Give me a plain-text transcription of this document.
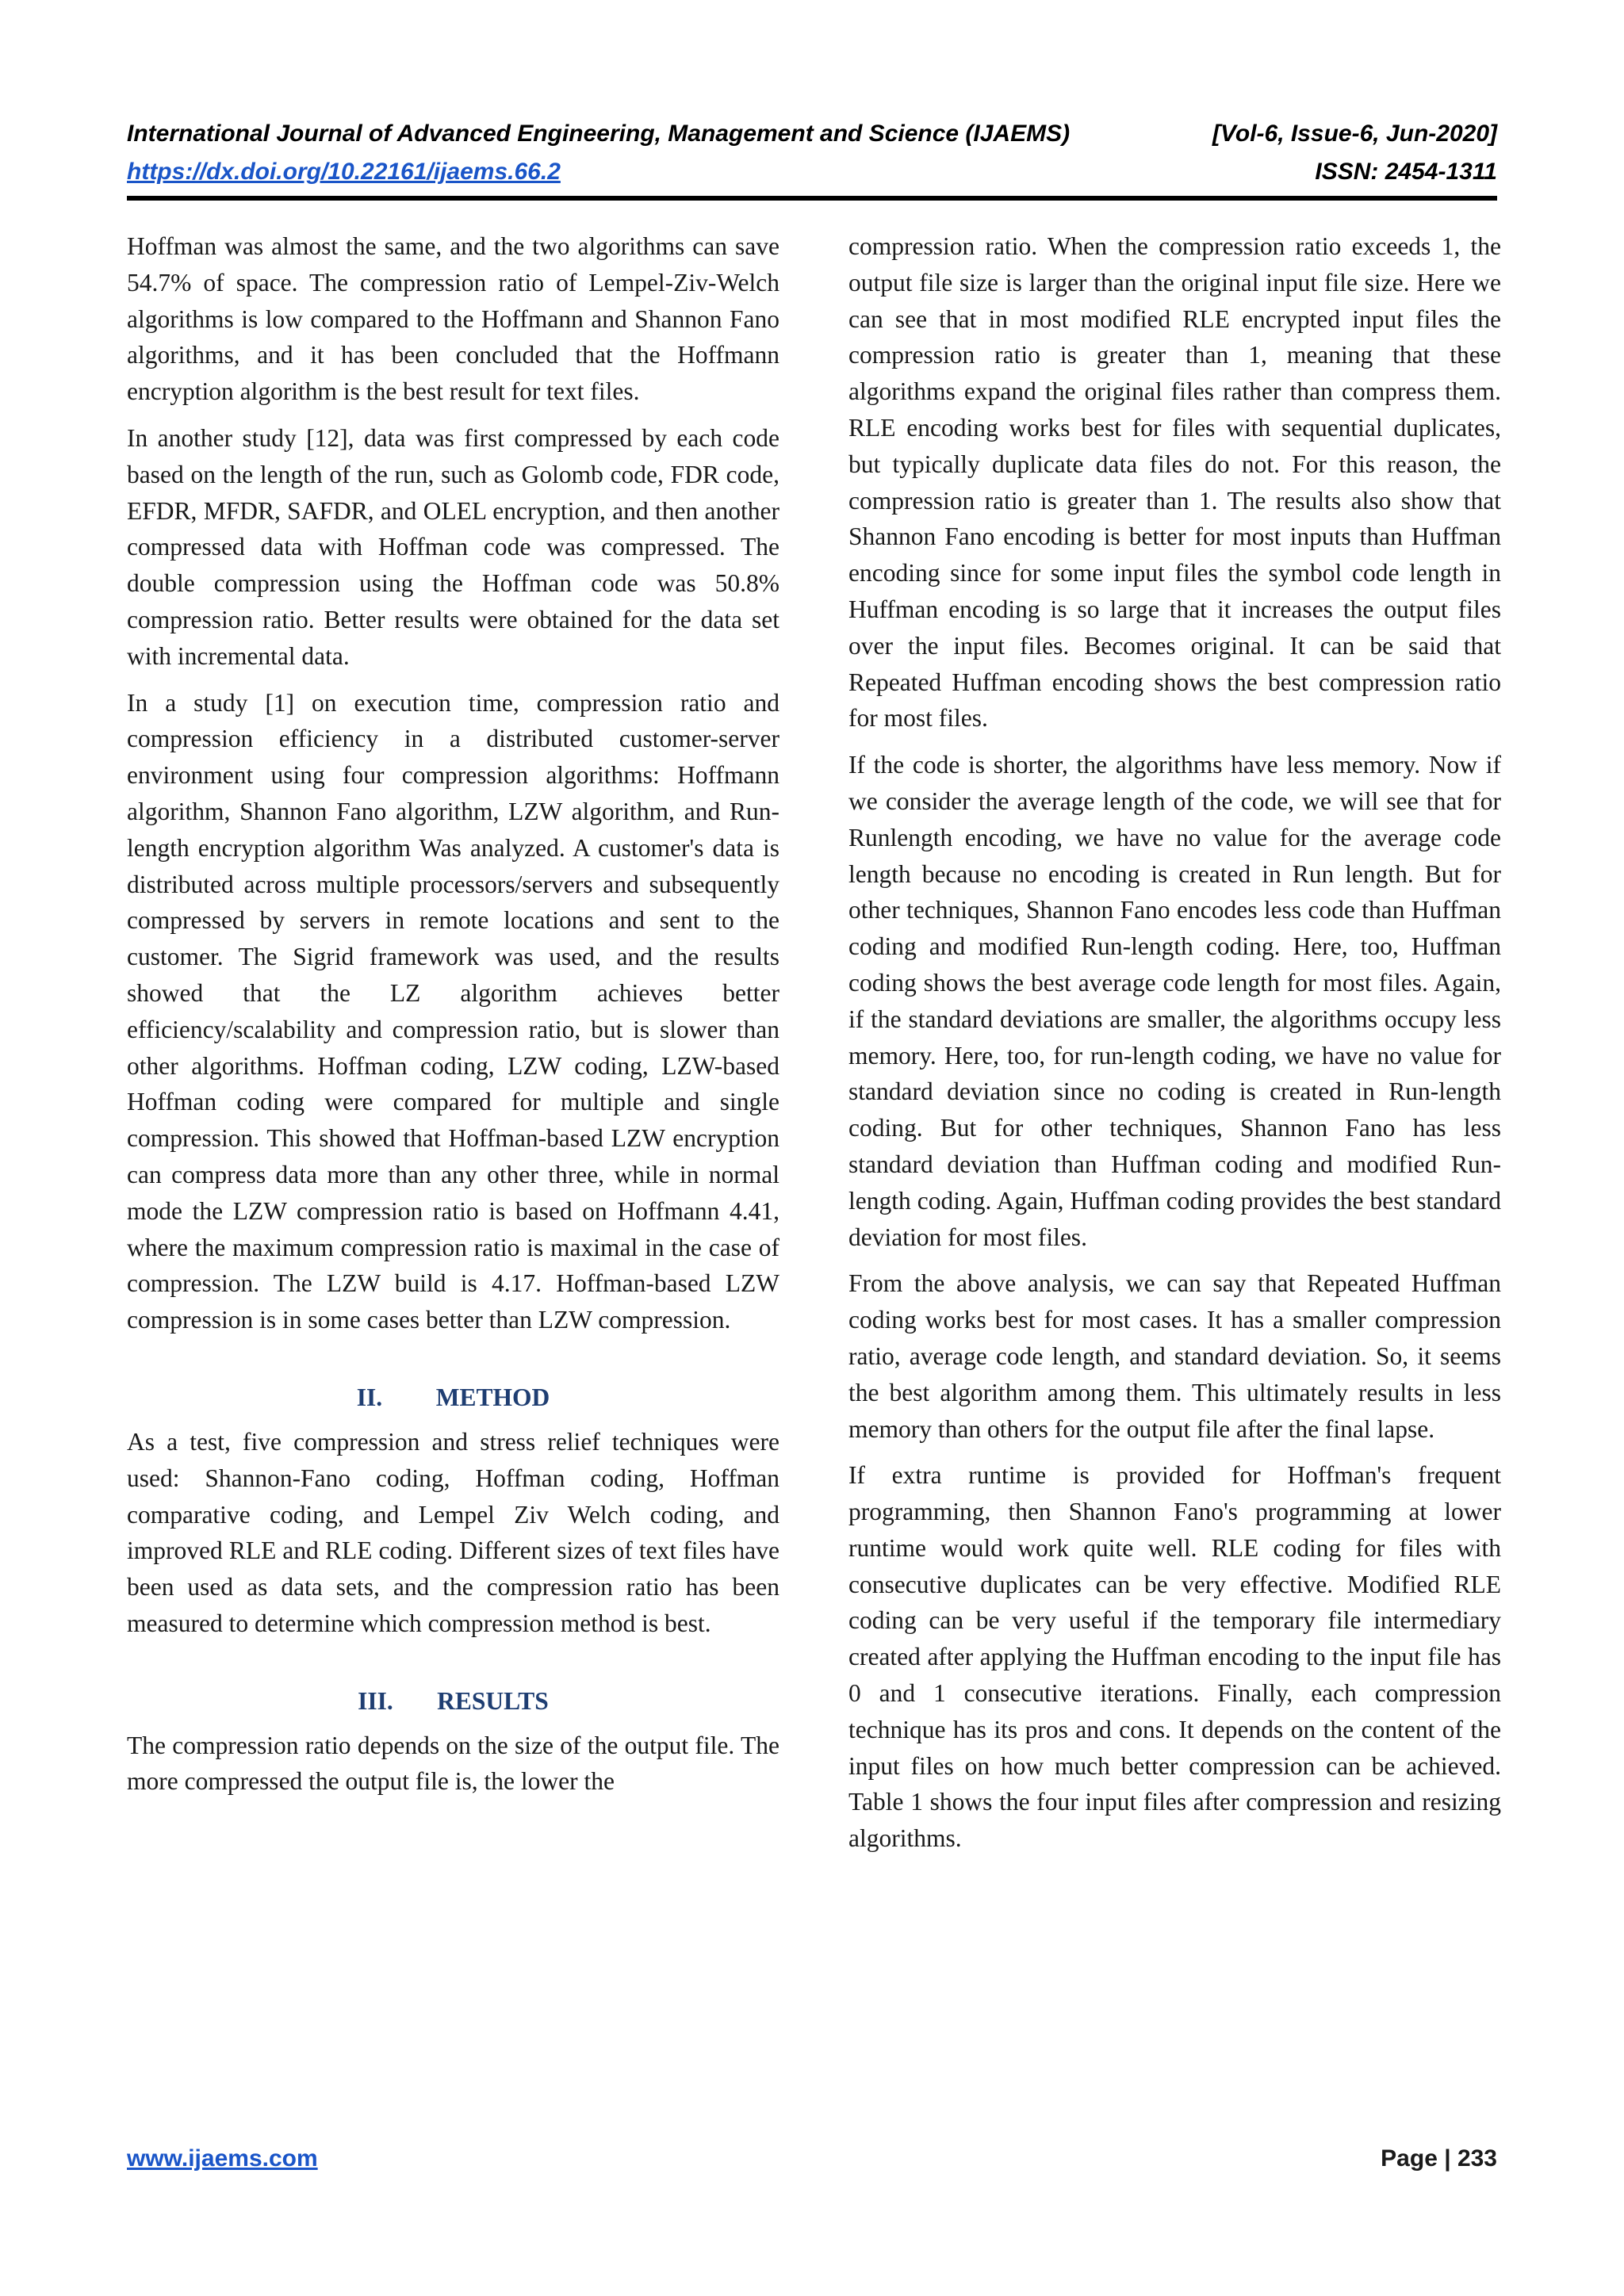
International Journal of Advanced Engineering, Management and Science (IJAEMS)	[Vol-6, Issue-6, Jun-2020]
https://dx.doi.org/10.22161/ijaems.66.2	ISSN: 2454-1311

Hoffman was almost the same, and the two algorithms can save 54.7% of space. The compression ratio of Lempel-Ziv-Welch algorithms is low compared to the Hoffmann and Shannon Fano algorithms, and it has been concluded that the Hoffmann encryption algorithm is the best result for text files.

In another study [12], data was first compressed by each code based on the length of the run, such as Golomb code, FDR code, EFDR, MFDR, SAFDR, and OLEL encryption, and then another compressed data with Hoffman code was compressed. The double compression using the Hoffman code was 50.8% compression ratio. Better results were obtained for the data set with incremental data.

In a study [1] on execution time, compression ratio and compression efficiency in a distributed customer-server environment using four compression algorithms: Hoffmann algorithm, Shannon Fano algorithm, LZW algorithm, and Run-length encryption algorithm Was analyzed. A customer's data is distributed across multiple processors/servers and subsequently compressed by servers in remote locations and sent to the customer. The Sigrid framework was used, and the results showed that the LZ algorithm achieves better efficiency/scalability and compression ratio, but is slower than other algorithms. Hoffman coding, LZW coding, LZW-based Hoffman coding were compared for multiple and single compression. This showed that Hoffman-based LZW encryption can compress data more than any other three, while in normal mode the LZW compression ratio is based on Hoffmann 4.41, where the maximum compression ratio is maximal in the case of compression. The LZW build is 4.17. Hoffman-based LZW compression is in some cases better than LZW compression.

II. METHOD

As a test, five compression and stress relief techniques were used: Shannon-Fano coding, Hoffman coding, Hoffman comparative coding, and Lempel Ziv Welch coding, and improved RLE and RLE coding. Different sizes of text files have been used as data sets, and the compression ratio has been measured to determine which compression method is best.

III. RESULTS

The compression ratio depends on the size of the output file. The more compressed the output file is, the lower the

compression ratio. When the compression ratio exceeds 1, the output file size is larger than the original input file size. Here we can see that in most modified RLE encrypted input files the compression ratio is greater than 1, meaning that these algorithms expand the original files rather than compress them. RLE encoding works best for files with sequential duplicates, but typically duplicate data files do not. For this reason, the compression ratio is greater than 1. The results also show that Shannon Fano encoding is better for most inputs than Huffman encoding since for some input files the symbol code length in Huffman encoding is so large that it increases the output files over the input files. Becomes original. It can be said that Repeated Huffman encoding shows the best compression ratio for most files.

If the code is shorter, the algorithms have less memory. Now if we consider the average length of the code, we will see that for Runlength encoding, we have no value for the average code length because no encoding is created in Run length. But for other techniques, Shannon Fano encodes less code than Huffman coding and modified Run-length coding. Here, too, Huffman coding shows the best average code length for most files. Again, if the standard deviations are smaller, the algorithms occupy less memory. Here, too, for run-length coding, we have no value for standard deviation since no coding is created in Run-length coding. But for other techniques, Shannon Fano has less standard deviation than Huffman coding and modified Run-length coding. Again, Huffman coding provides the best standard deviation for most files.

From the above analysis, we can say that Repeated Huffman coding works best for most cases. It has a smaller compression ratio, average code length, and standard deviation. So, it seems the best algorithm among them. This ultimately results in less memory than others for the output file after the final lapse.

If extra runtime is provided for Hoffman's frequent programming, then Shannon Fano's programming at lower runtime would work quite well. RLE coding for files with consecutive duplicates can be very effective. Modified RLE coding can be very useful if the temporary file intermediary created after applying the Huffman encoding to the input file has 0 and 1 consecutive iterations. Finally, each compression technique has its pros and cons. It depends on the content of the input files on how much better compression can be achieved. Table 1 shows the four input files after compression and resizing algorithms.

www.ijaems.com	Page | 233
